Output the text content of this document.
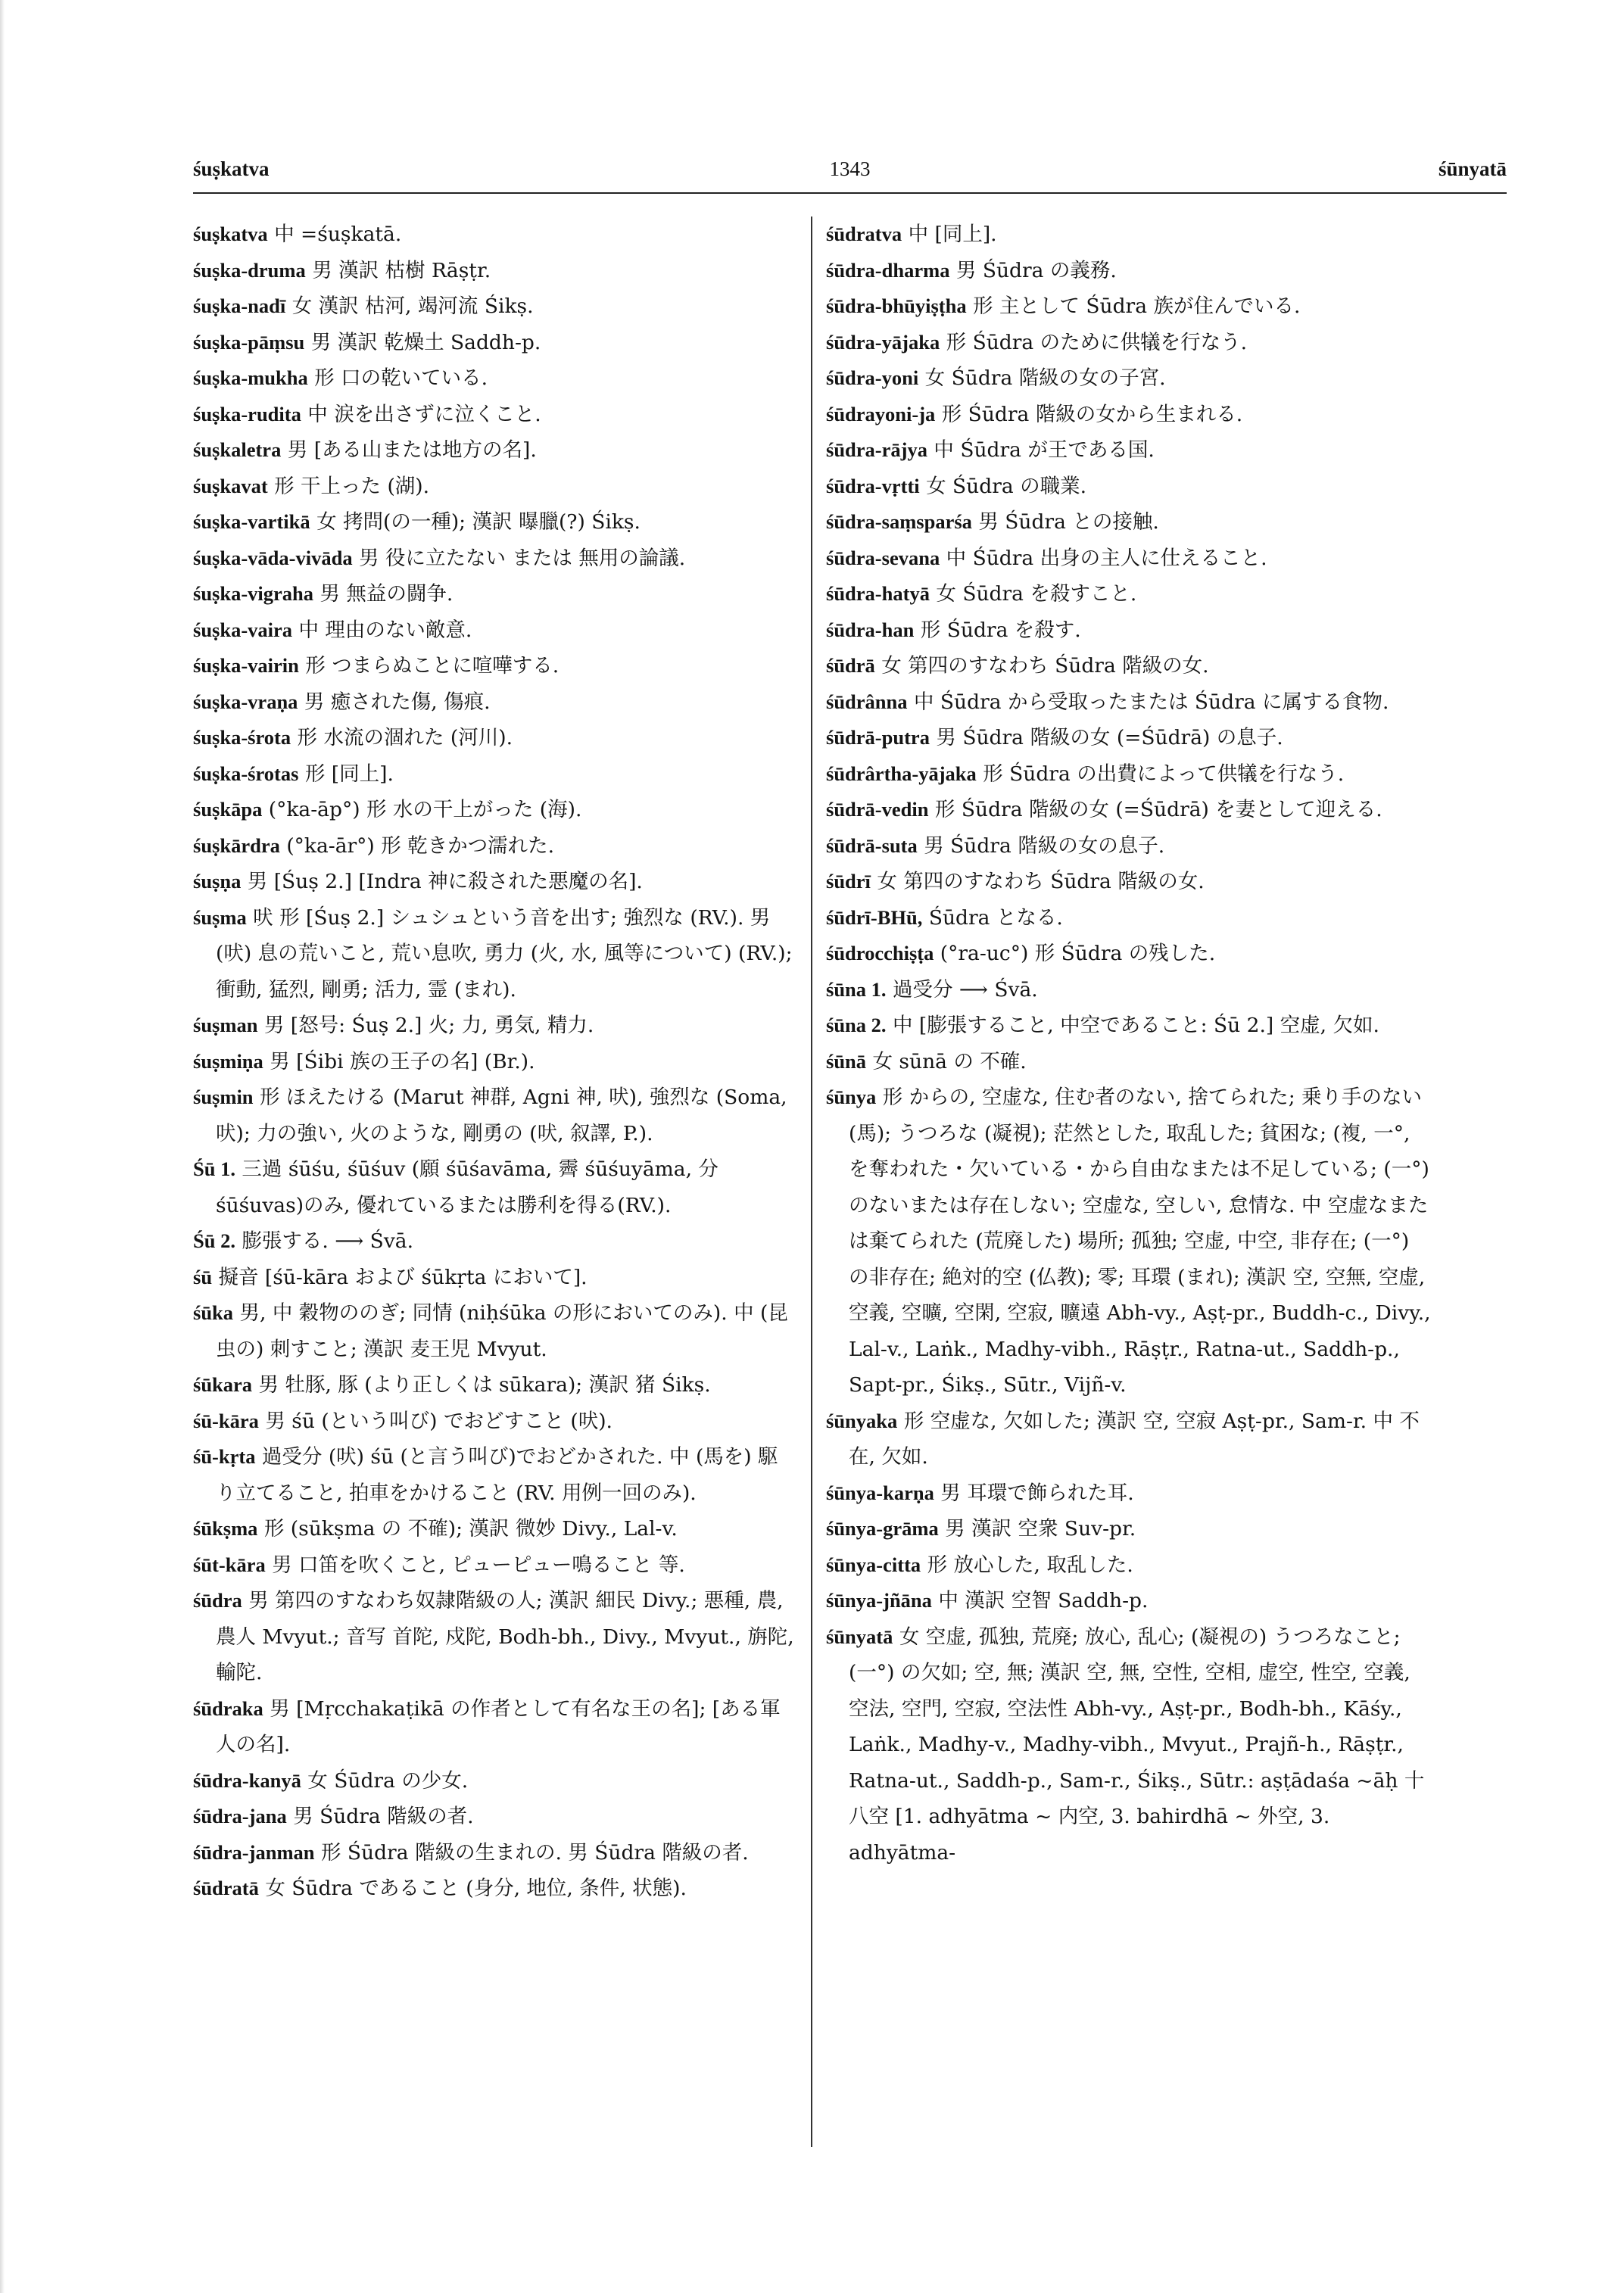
śuṣkatva	1343	śūnyatā

śuṣkatva 中 =śuṣkatā.

śuṣka-druma 男 漢訳 枯樹 Rāṣṭr.

śuṣka-nadī 女 漢訳 枯河, 竭河流 Śikṣ.

śuṣka-pāṃsu 男 漢訳 乾燥土 Saddh-p.

śuṣka-mukha 形 口の乾いている.

śuṣka-rudita 中 涙を出さずに泣くこと.

śuṣkaletra 男 [ある山または地方の名].

śuṣkavat 形 干上った (湖).

śuṣka-vartikā 女 拷問(の一種); 漢訳 曝臘(?) Śikṣ.

śuṣka-vāda-vivāda 男 役に立たない または 無用の論議.

śuṣka-vigraha 男 無益の闘争.

śuṣka-vaira 中 理由のない敵意.

śuṣka-vairin 形 つまらぬことに喧嘩する.

śuṣka-vraṇa 男 癒された傷, 傷痕.

śuṣka-śrota 形 水流の涸れた (河川).

śuṣka-śrotas 形 [同上].

śuṣkāpa (°ka-āp°) 形 水の干上がった (海).

śuṣkārdra (°ka-ār°) 形 乾きかつ濡れた.

śuṣṇa 男 [Śuṣ 2.] [Indra 神に殺された悪魔の名].

śuṣma 吠 形 [Śuṣ 2.] シュシュという音を出す; 強烈な (RV.). 男 (吠) 息の荒いこと, 荒い息吹, 勇力 (火, 水, 風等について) (RV.); 衝動, 猛烈, 剛勇; 活力, 霊 (まれ).

śuṣman 男 [怒号: Śuṣ 2.] 火; 力, 勇気, 精力.

śuṣmiṇa 男 [Śibi 族の王子の名] (Br.).

śuṣmin 形 ほえたける (Marut 神群, Agni 神, 吠), 強烈な (Soma, 吠); 力の強い, 火のような, 剛勇の (吠, 叙譯, P.).

Śū 1. 三過 śūśu, śūśuv (願 śūśavāma, 霽 śūśuyāma, 分 śūśuvas)のみ, 優れているまたは勝利を得る(RV.).

Śū 2. 膨張する. ⟶ Śvā.

śū 擬音 [śū-kāra および śūkṛta において].

śūka 男, 中 穀物ののぎ; 同情 (niḥśūka の形においてのみ). 中 (昆虫の) 刺すこと; 漢訳 麦王児 Mvyut.

śūkara 男 牡豚, 豚 (より正しくは sūkara); 漢訳 猪 Śikṣ.

śū-kāra 男 śū (という叫び) でおどすこと (吠).

śū-kṛta 過受分 (吠) śū (と言う叫び)でおどかされた. 中 (馬を) 駆り立てること, 拍車をかけること (RV. 用例一回のみ).

śūkṣma 形 (sūkṣma の 不確); 漢訳 微妙 Divy., Lal-v.

śūt-kāra 男 口笛を吹くこと, ピューピュー鳴ること 等.

śūdra 男 第四のすなわち奴隷階級の人; 漢訳 細民 Divy.; 悪種, 農, 農人 Mvyut.; 音写 首陀, 戍陀, Bodh-bh., Divy., Mvyut., 旃陀, 輸陀.

śūdraka 男 [Mṛcchakaṭikā の作者として有名な王の名]; [ある軍人の名].

śūdra-kanyā 女 Śūdra の少女.

śūdra-jana 男 Śūdra 階級の者.

śūdra-janman 形 Śūdra 階級の生まれの. 男 Śūdra 階級の者.

śūdratā 女 Śūdra であること (身分, 地位, 条件, 状態).

śūdratva 中 [同上].

śūdra-dharma 男 Śūdra の義務.

śūdra-bhūyiṣṭha 形 主として Śūdra 族が住んでいる.

śūdra-yājaka 形 Śūdra のために供犠を行なう.

śūdra-yoni 女 Śūdra 階級の女の子宮.

śūdrayoni-ja 形 Śūdra 階級の女から生まれる.

śūdra-rājya 中 Śūdra が王である国.

śūdra-vṛtti 女 Śūdra の職業.

śūdra-saṃsparśa 男 Śūdra との接触.

śūdra-sevana 中 Śūdra 出身の主人に仕えること.

śūdra-hatyā 女 Śūdra を殺すこと.

śūdra-han 形 Śūdra を殺す.

śūdrā 女 第四のすなわち Śūdra 階級の女.

śūdrânna 中 Śūdra から受取ったまたは Śūdra に属する食物.

śūdrā-putra 男 Śūdra 階級の女 (=Śūdrā) の息子.

śūdrârtha-yājaka 形 Śūdra の出費によって供犠を行なう.

śūdrā-vedin 形 Śūdra 階級の女 (=Śūdrā) を妻として迎える.

śūdrā-suta 男 Śūdra 階級の女の息子.

śūdrī 女 第四のすなわち Śūdra 階級の女.

śūdrī-BHū, Śūdra となる.

śūdrocchiṣṭa (°ra-uc°) 形 Śūdra の残した.

śūna 1. 過受分 ⟶ Śvā.

śūna 2. 中 [膨張すること, 中空であること: Śū 2.] 空虚, 欠如.

śūnā 女 sūnā の 不確.

śūnya 形 からの, 空虚な, 住む者のない, 捨てられた; 乗り手のない (馬); うつろな (凝視); 茫然とした, 取乱した; 貧困な; (複, 一°, を奪われた・欠いている・から自由なまたは不足している; (一°) のないまたは存在しない; 空虚な, 空しい, 怠情な. 中 空虚なまたは棄てられた (荒廃した) 場所; 孤独; 空虚, 中空, 非存在; (一°) の非存在; 絶対的空 (仏教); 零; 耳環 (まれ); 漢訳 空, 空無, 空虚, 空義, 空曠, 空閑, 空寂, 曠遠 Abh-vy., Aṣṭ-pr., Buddh-c., Divy., Lal-v., Laṅk., Madhy-vibh., Rāṣṭr., Ratna-ut., Saddh-p., Sapt-pr., Śikṣ., Sūtr., Vijñ-v.

śūnyaka 形 空虚な, 欠如した; 漢訳 空, 空寂 Aṣṭ-pr., Sam-r. 中 不在, 欠如.

śūnya-karṇa 男 耳環で飾られた耳.

śūnya-grāma 男 漢訳 空衆 Suv-pr.

śūnya-citta 形 放心した, 取乱した.

śūnya-jñāna 中 漢訳 空智 Saddh-p.

śūnyatā 女 空虚, 孤独, 荒廃; 放心, 乱心; (凝視の) うつろなこと; (一°) の欠如; 空, 無; 漢訳 空, 無, 空性, 空相, 虚空, 性空, 空義, 空法, 空門, 空寂, 空法性 Abh-vy., Aṣṭ-pr., Bodh-bh., Kāśy., Laṅk., Madhy-v., Madhy-vibh., Mvyut., Prajñ-h., Rāṣṭr., Ratna-ut., Saddh-p., Sam-r., Śikṣ., Sūtr.: aṣṭādaśa ~āḥ 十八空 [1. adhyātma ~ 内空, 3. bahirdhā ~ 外空, 3. adhyātma-
